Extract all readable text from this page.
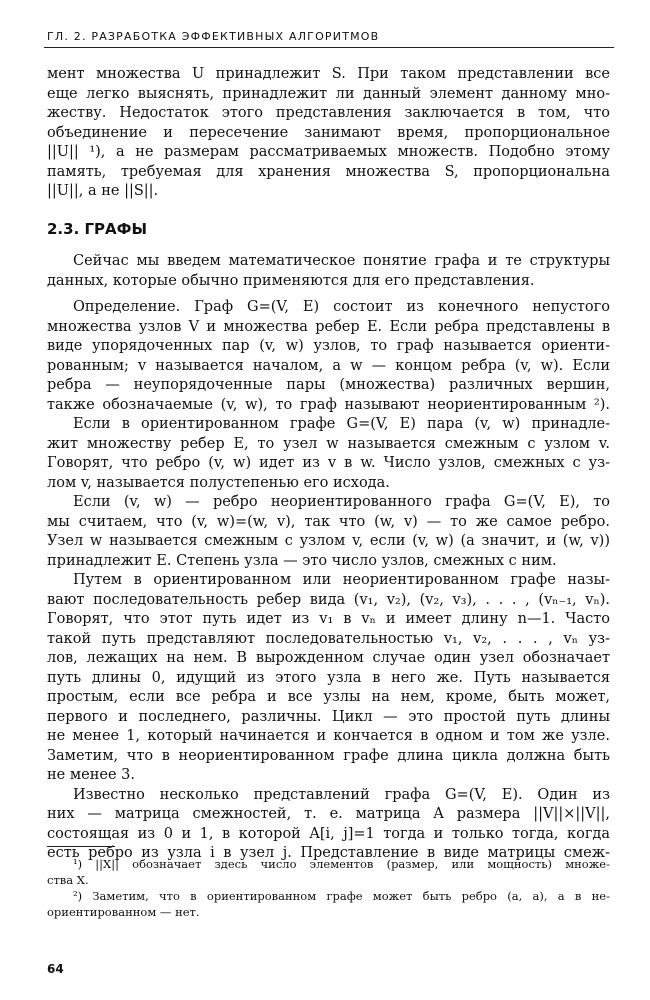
ГЛ. 2. РАЗРАБОТКА ЭФФЕКТИВНЫХ АЛГОРИТМОВ
мент множества U принадлежит S. При таком представлении все
еще легко выяснять, принадлежит ли данный элемент данному мно-
жеству. Недостаток этого представления заключается в том, что
объединение и пересечение занимают время, пропорциональное
||U|| ¹), а не размерам рассматриваемых множеств. Подобно этому
память, требуемая для хранения множества S, пропорциональна
||U||, а не ||S||.
2.3. ГРАФЫ
Сейчас мы введем математическое понятие графа и те структуры
данных, которые обычно применяются для его представления.
Определение. Граф G=(V, E) состоит из конечного непустого
множества узлов V и множества ребер E. Если ребра представлены в
виде упорядоченных пар (v, w) узлов, то граф называется ориенти-
рованным; v называется началом, а w — концом ребра (v, w). Если
ребра — неупорядоченные пары (множества) различных вершин,
также обозначаемые (v, w), то граф называют неориентированным ²).
Если в ориентированном графе G=(V, E) пара (v, w) принадле-
жит множеству ребер E, то узел w называется смежным с узлом v.
Говорят, что ребро (v, w) идет из v в w. Число узлов, смежных с уз-
лом v, называется полустепенью его исхода.
Если (v, w) — ребро неориентированного графа G=(V, E), то
мы считаем, что (v, w)=(w, v), так что (w, v) — то же самое ребро.
Узел w называется смежным с узлом v, если (v, w) (а значит, и (w, v))
принадлежит E. Степень узла — это число узлов, смежных с ним.
Путем в ориентированном или неориентированном графе назы-
вают последовательность ребер вида (v₁, v₂), (v₂, v₃), . . . , (vₙ₋₁, vₙ).
Говорят, что этот путь идет из v₁ в vₙ и имеет длину n—1. Часто
такой путь представляют последовательностью v₁, v₂, . . . , vₙ уз-
лов, лежащих на нем. В вырожденном случае один узел обозначает
путь длины 0, идущий из этого узла в него же. Путь называется
простым, если все ребра и все узлы на нем, кроме, быть может,
первого и последнего, различны. Цикл — это простой путь длины
не менее 1, который начинается и кончается в одном и том же узле.
Заметим, что в неориентированном графе длина цикла должна быть
не менее 3.
Известно несколько представлений графа G=(V, E). Один из
них — матрица смежностей, т. е. матрица A размера ||V||×||V||,
состоящая из 0 и 1, в которой A[i, j]=1 тогда и только тогда, когда
есть ребро из узла i в узел j. Представление в виде матрицы смеж-
¹) ||X|| обозначает здесь число элементов (размер, или мощность) множе-
ства X.
²) Заметим, что в ориентированном графе может быть ребро (a, a), а в не-
ориентированном — нет.
64
